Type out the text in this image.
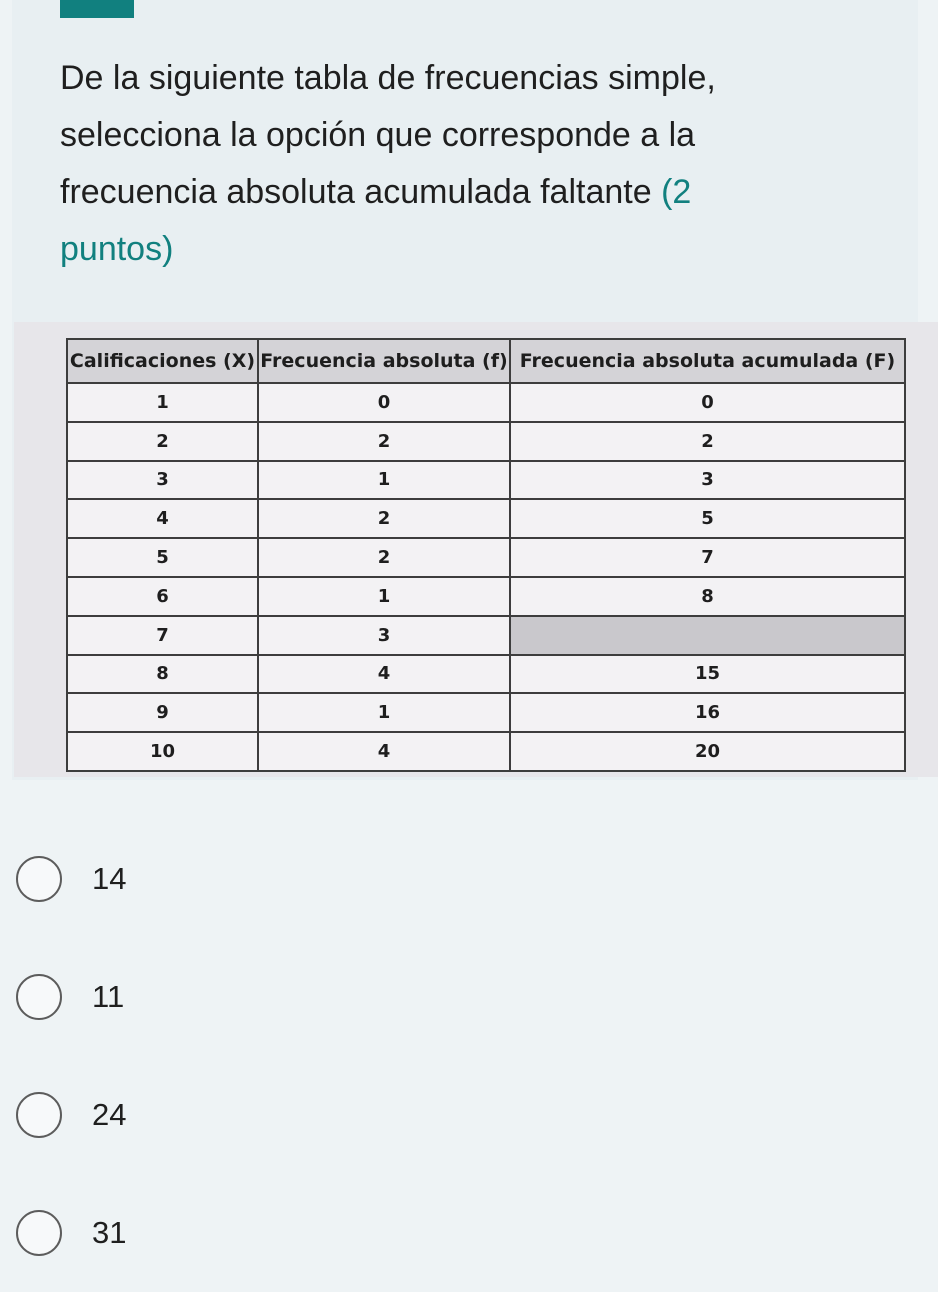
De la siguiente tabla de frecuencias simple, selecciona la opción que corresponde a la frecuencia absoluta acumulada faltante (2 puntos)
Calificaciones (X)	Frecuencia absoluta (f)	Frecuencia absoluta acumulada (F)
1	0	0
2	2	2
3	1	3
4	2	5
5	2	7
6	1	8
7	3	
8	4	15
9	1	16
10	4	20
14
11
24
31
